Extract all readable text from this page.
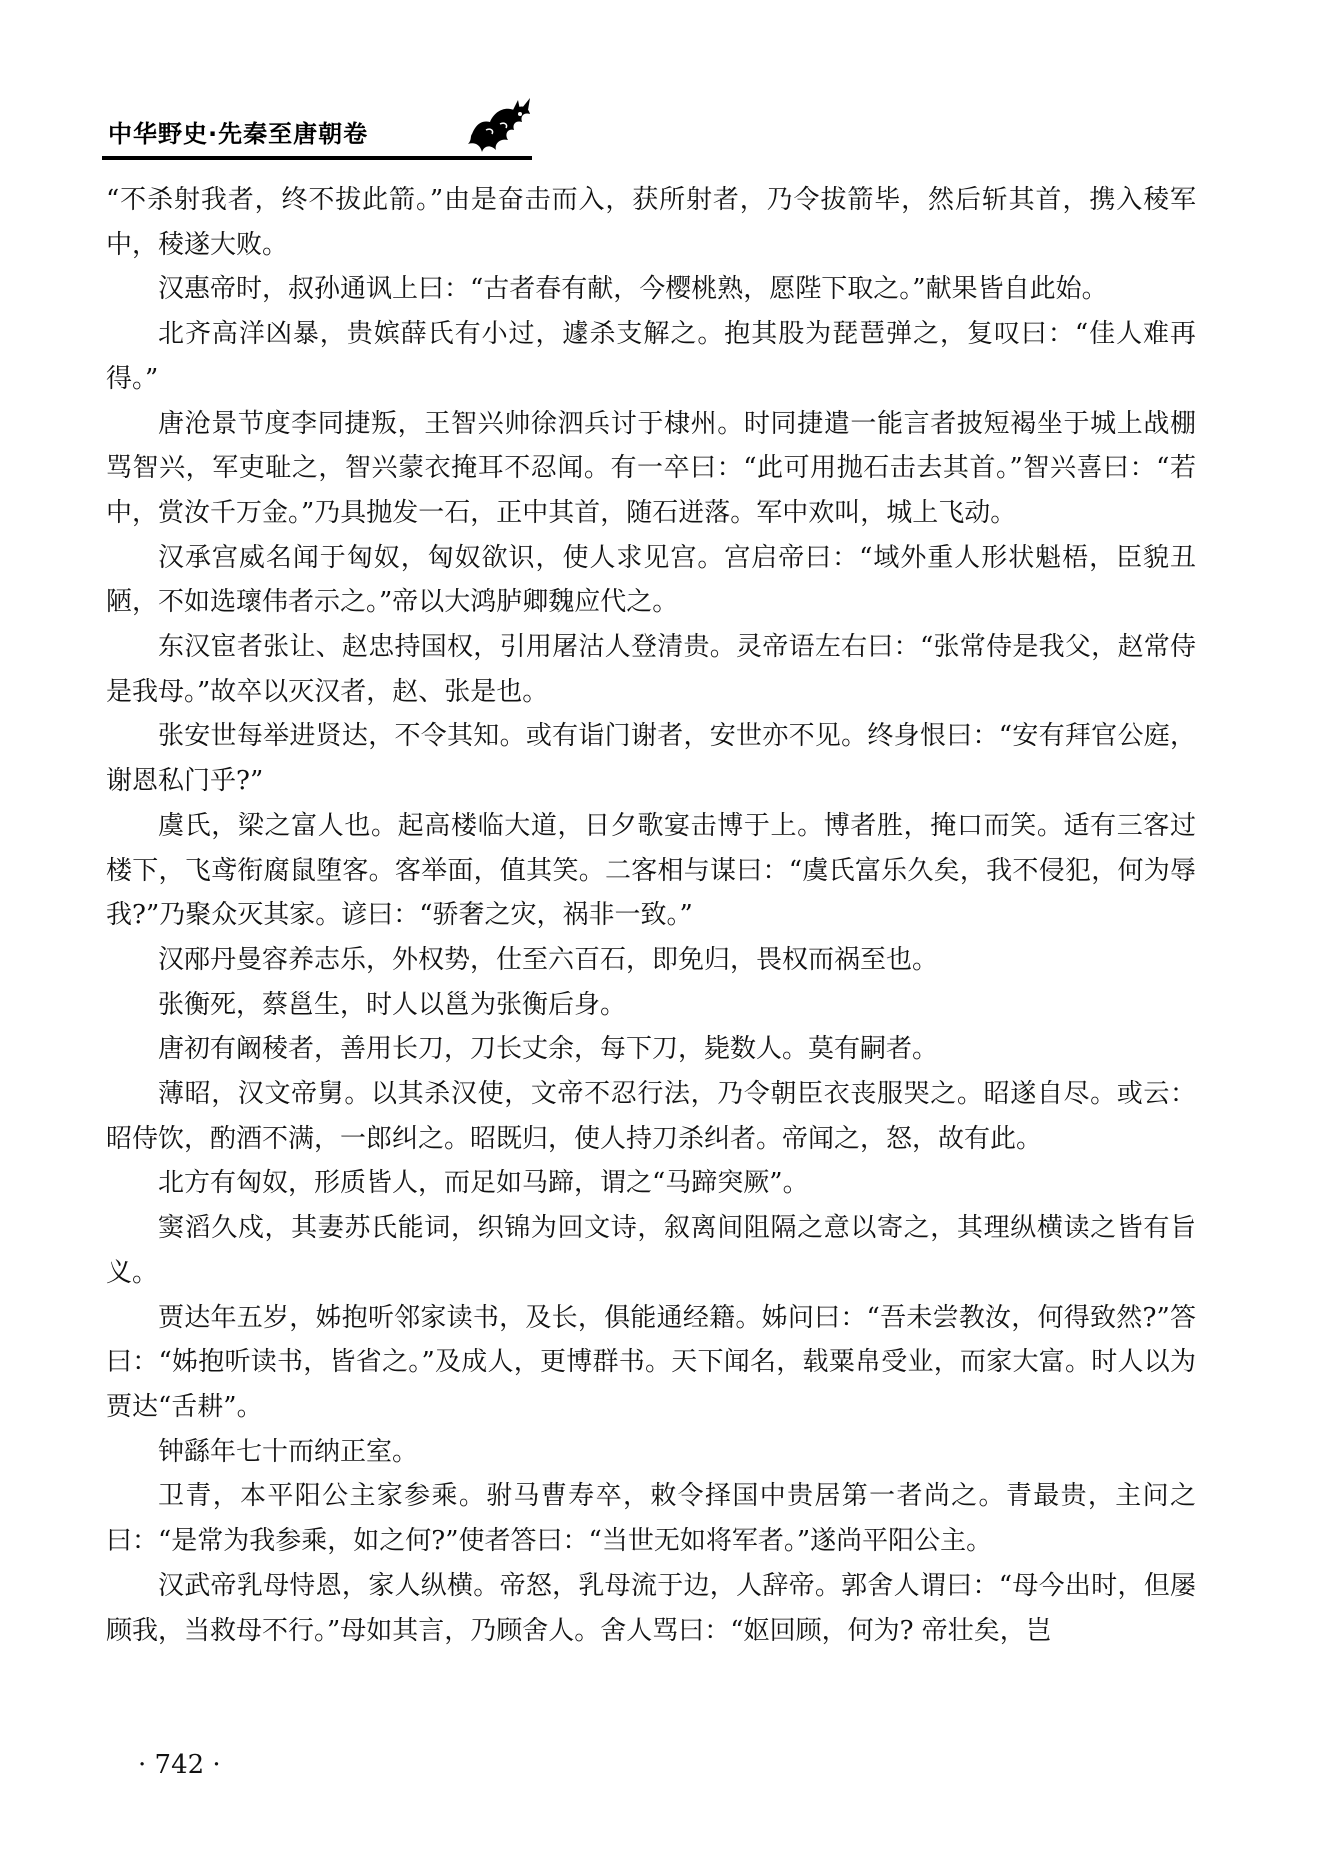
中华野史·先秦至唐朝卷

“不杀射我者，终不拔此箭。”由是奋击而入，获所射者，乃令拔箭毕，然后斩其首，携入稜军中，稜遂大败。

汉惠帝时，叔孙通讽上曰：“古者春有献，今樱桃熟，愿陛下取之。”献果皆自此始。

北齐高洋凶暴，贵嫔薛氏有小过，遽杀支解之。抱其股为琵琶弹之，复叹曰：“佳人难再得。”

唐沧景节度李同捷叛，王智兴帅徐泗兵讨于棣州。时同捷遣一能言者披短褐坐于城上战棚骂智兴，军吏耻之，智兴蒙衣掩耳不忍闻。有一卒曰：“此可用抛石击去其首。”智兴喜曰：“若中，赏汝千万金。”乃具抛发一石，正中其首，随石迸落。军中欢叫，城上飞动。

汉承宫威名闻于匈奴，匈奴欲识，使人求见宫。宫启帝曰：“域外重人形状魁梧，臣貌丑陋，不如选瓌伟者示之。”帝以大鸿胪卿魏应代之。

东汉宦者张让、赵忠持国权，引用屠沽人登清贵。灵帝语左右曰：“张常侍是我父，赵常侍是我母。”故卒以灭汉者，赵、张是也。

张安世每举进贤达，不令其知。或有诣门谢者，安世亦不见。终身恨曰：“安有拜官公庭，谢恩私门乎?”

虞氏，梁之富人也。起高楼临大道，日夕歌宴击博于上。博者胜，掩口而笑。适有三客过楼下，飞鸢衔腐鼠堕客。客举面，值其笑。二客相与谋曰：“虞氏富乐久矣，我不侵犯，何为辱我?”乃聚众灭其家。谚曰：“骄奢之灾，祸非一致。”

汉邴丹曼容养志乐，外权势，仕至六百石，即免归，畏权而祸至也。

张衡死，蔡邕生，时人以邕为张衡后身。

唐初有阚稜者，善用长刀，刀长丈余，每下刀，毙数人。莫有嗣者。

薄昭，汉文帝舅。以其杀汉使，文帝不忍行法，乃令朝臣衣丧服哭之。昭遂自尽。或云：昭侍饮，酌酒不满，一郎纠之。昭既归，使人持刀杀纠者。帝闻之，怒，故有此。

北方有匈奴，形质皆人，而足如马蹄，谓之“马蹄突厥”。

窦滔久戍，其妻苏氏能词，织锦为回文诗，叙离间阻隔之意以寄之，其理纵横读之皆有旨义。

贾达年五岁，姊抱听邻家读书，及长，俱能通经籍。姊问曰：“吾未尝教汝，何得致然?”答曰：“姊抱听读书，皆省之。”及成人，更博群书。天下闻名，载粟帛受业，而家大富。时人以为贾达“舌耕”。

钟繇年七十而纳正室。

卫青，本平阳公主家参乘。驸马曹寿卒，敕令择国中贵居第一者尚之。青最贵，主问之曰：“是常为我参乘，如之何?”使者答曰：“当世无如将军者。”遂尚平阳公主。

汉武帝乳母恃恩，家人纵横。帝怒，乳母流于边，人辞帝。郭舍人谓曰：“母今出时，但屡顾我，当救母不行。”母如其言，乃顾舍人。舍人骂曰：“妪回顾，何为? 帝壮矣，岂

· 742 ·
